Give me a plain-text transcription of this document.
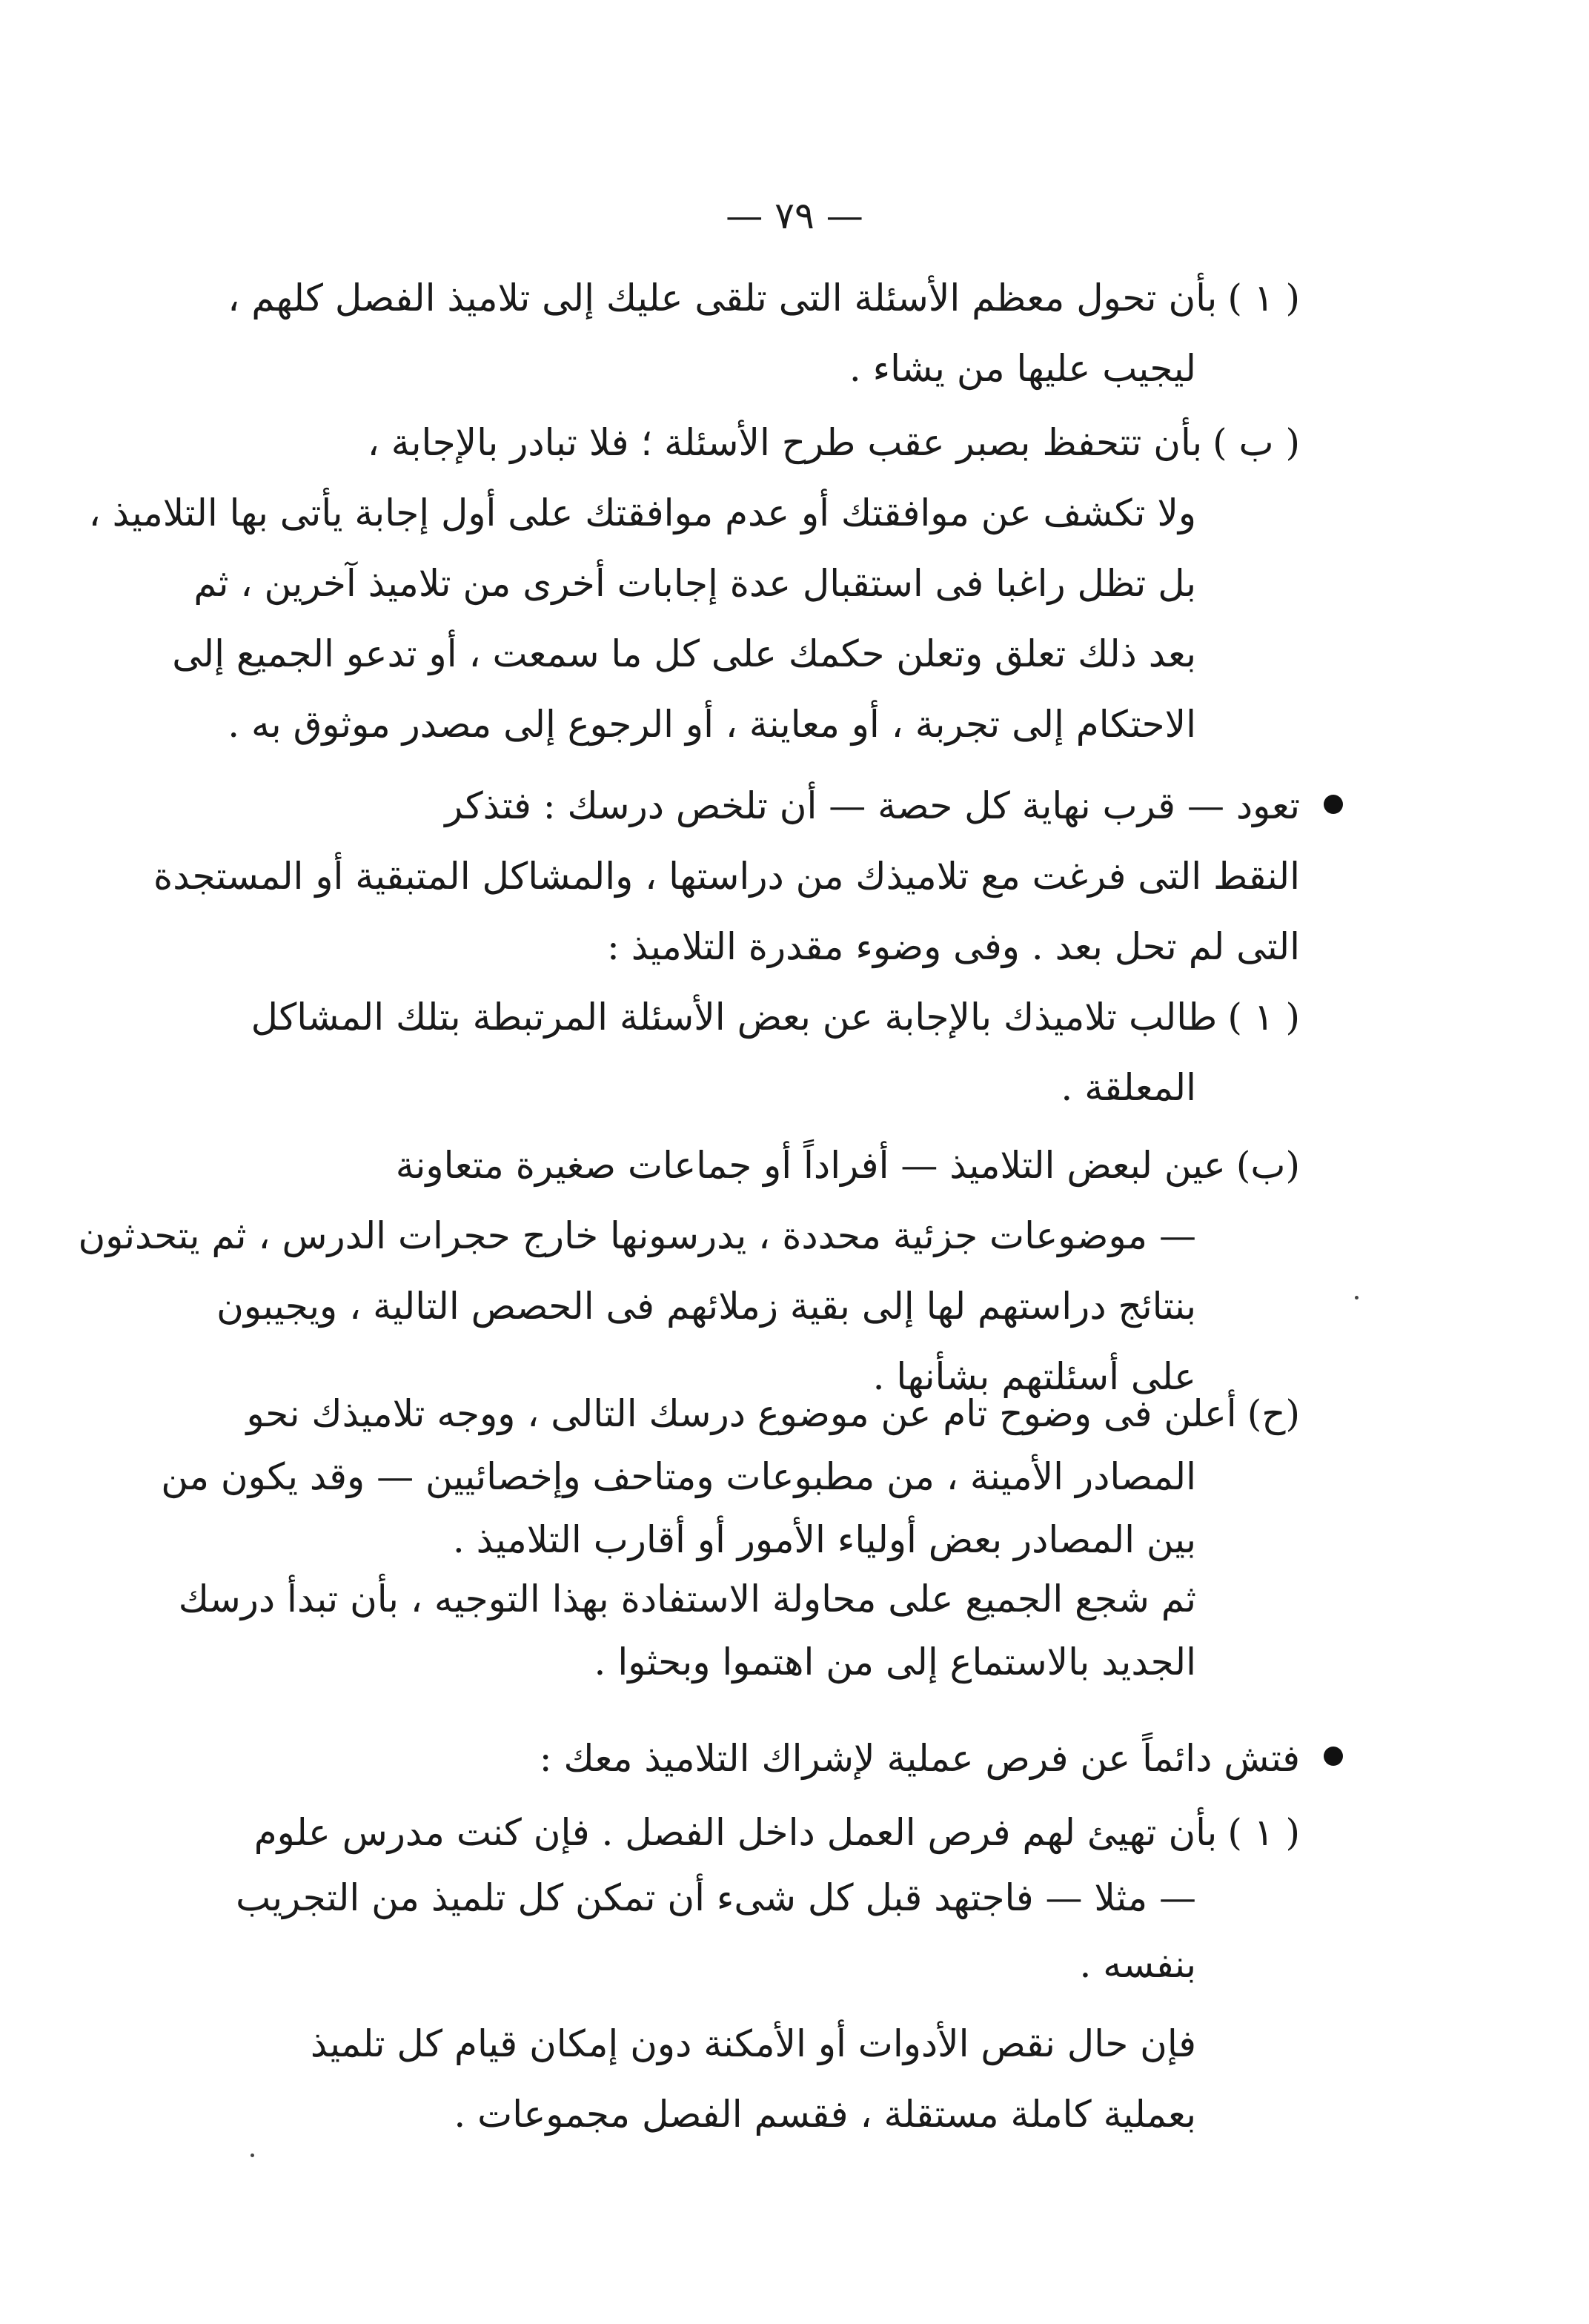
— ٧٩ —
( ١ )بأن تحول معظم الأسئلة التى تلقى عليك إلى تلاميذ الفصل كلهم ،
ليجيب عليها من يشاء .
( ب )بأن تتحفظ بصبر عقب طرح الأسئلة ؛ فلا تبادر بالإجابة ،
ولا تكشف عن موافقتك أو عدم موافقتك على أول إجابة يأتى بها التلاميذ ،
بل تظل راغبا فى استقبال عدة إجابات أخرى من تلاميذ آخرين ، ثم
بعد ذلك تعلق وتعلن حكمك على كل ما سمعت ، أو تدعو الجميع إلى
الاحتكام إلى تجربة ، أو معاينة ، أو الرجوع إلى مصدر موثوق به .
تعود — قرب نهاية كل حصة — أن تلخص درسك : فتذكر
النقط التى فرغت مع تلاميذك من دراستها ، والمشاكل المتبقية أو المستجدة
التى لم تحل بعد . وفى وضوء مقدرة التلاميذ :
( ١ )طالب تلاميذك بالإجابة عن بعض الأسئلة المرتبطة بتلك المشاكل
المعلقة .
(ب)عين لبعض التلاميذ — أفراداً أو جماعات صغيرة متعاونة
— موضوعات جزئية محددة ، يدرسونها خارج حجرات الدرس ، ثم يتحدثون
بنتائج دراستهم لها إلى بقية زملائهم فى الحصص التالية ، ويجيبون
على أسئلتهم بشأنها .
(ح)أعلن فى وضوح تام عن موضوع درسك التالى ، ووجه تلاميذك نحو
المصادر الأمينة ، من مطبوعات ومتاحف وإخصائيين — وقد يكون من
بين المصادر بعض أولياء الأمور أو أقارب التلاميذ .
ثم شجع الجميع على محاولة الاستفادة بهذا التوجيه ، بأن تبدأ درسك
الجديد بالاستماع إلى من اهتموا وبحثوا .
فتش دائماً عن فرص عملية لإشراك التلاميذ معك :
( ١ )بأن تهيئ لهم فرص العمل داخل الفصل . فإن كنت مدرس علوم
— مثلا — فاجتهد قبل كل شىء أن تمكن كل تلميذ من التجريب
بنفسه .
فإن حال نقص الأدوات أو الأمكنة دون إمكان قيام كل تلميذ
بعملية كاملة مستقلة ، فقسم الفصل مجموعات .
